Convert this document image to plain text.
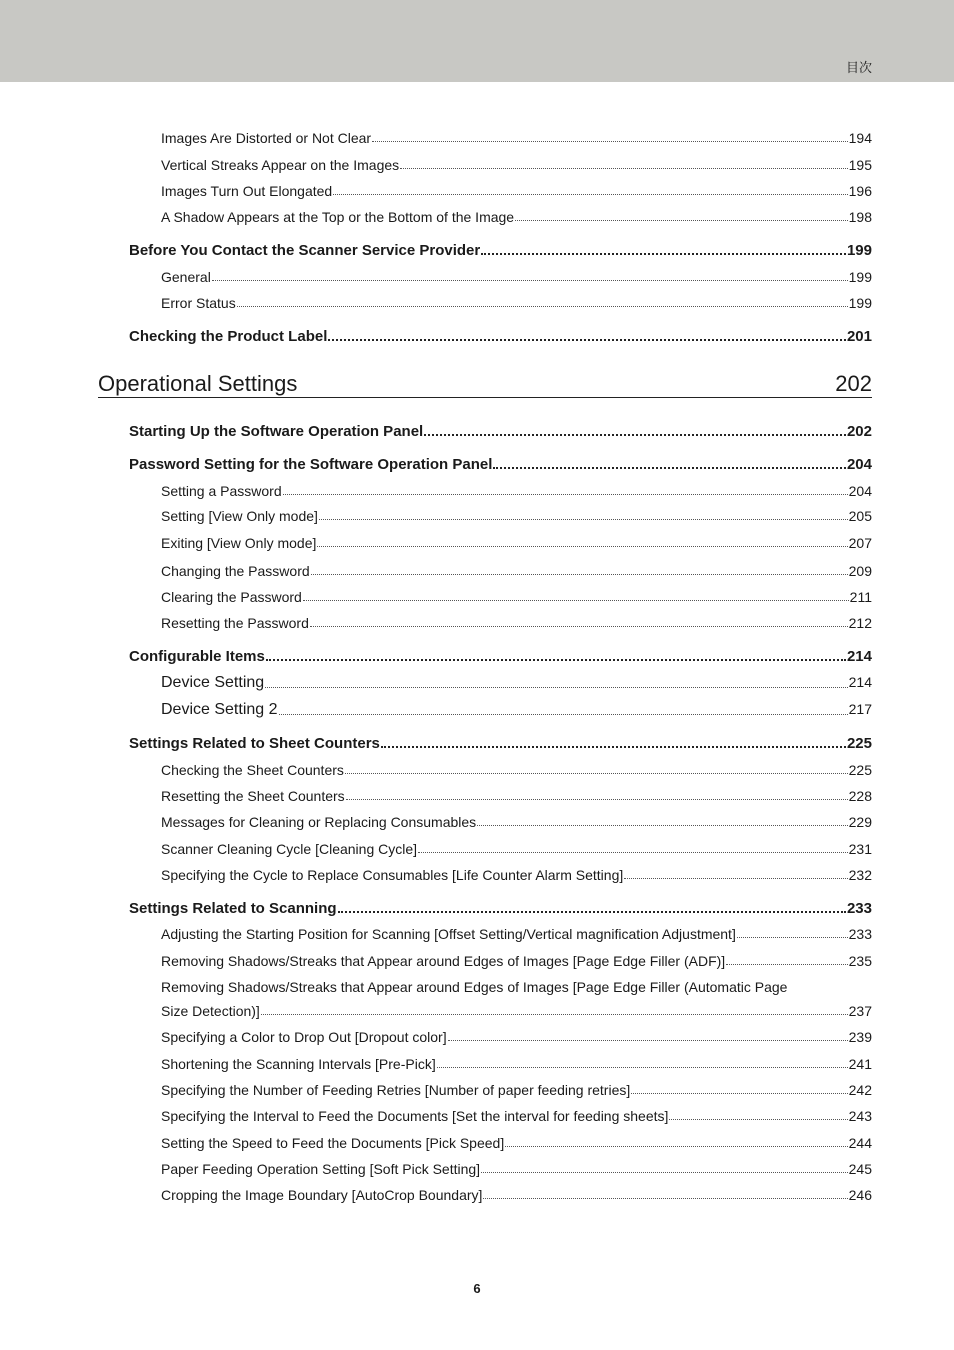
目次
Images Are Distorted or Not Clear	194
Vertical Streaks Appear on the Images	195
Images Turn Out Elongated	196
A Shadow Appears at the Top or the Bottom of the Image	198
Before You Contact the Scanner Service Provider	199
General	199
Error Status	199
Checking the Product Label	201
Operational Settings	202
Starting Up the Software Operation Panel	202
Password Setting for the Software Operation Panel	204
Setting a Password	204
Setting [View Only mode]	205
Exiting [View Only mode]	207
Changing the Password	209
Clearing the Password	211
Resetting the Password	212
Configurable Items	214
Device Setting	214
Device Setting 2	217
Settings Related to Sheet Counters	225
Checking the Sheet Counters	225
Resetting the Sheet Counters	228
Messages for Cleaning or Replacing Consumables	229
Scanner Cleaning Cycle [Cleaning Cycle]	231
Specifying the Cycle to Replace Consumables [Life Counter Alarm Setting]	232
Settings Related to Scanning	233
Adjusting the Starting Position for Scanning [Offset Setting/Vertical magnification Adjustment]	233
Removing Shadows/Streaks that Appear around Edges of Images [Page Edge Filler (ADF)]	235
Removing Shadows/Streaks that Appear around Edges of Images [Page Edge Filler (Automatic Page
Size Detection)]	237
Specifying a Color to Drop Out [Dropout color]	239
Shortening the Scanning Intervals [Pre-Pick]	241
Specifying the Number of Feeding Retries [Number of paper feeding retries]	242
Specifying the Interval to Feed the Documents [Set the interval for feeding sheets]	243
Setting the Speed to Feed the Documents [Pick Speed]	244
Paper Feeding Operation Setting [Soft Pick Setting]	245
Cropping the Image Boundary [AutoCrop Boundary]	246
6
